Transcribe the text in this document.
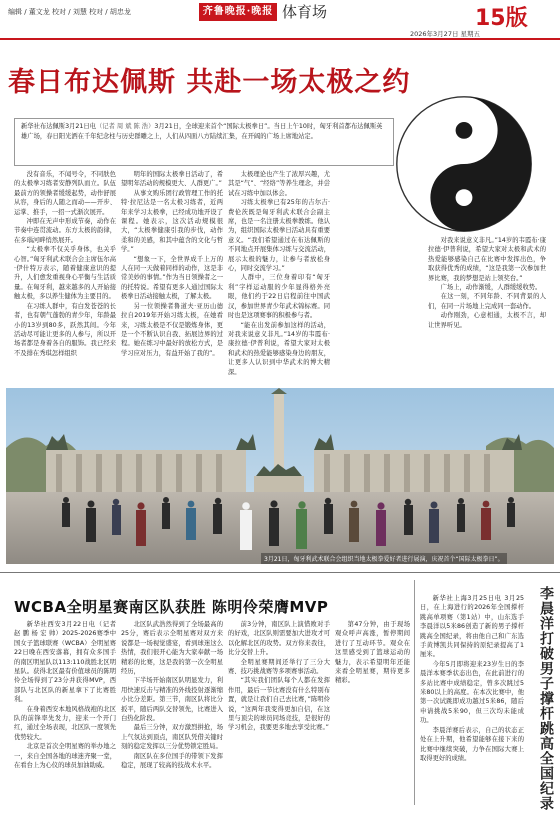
编辑 / 董文龙 校对 / 刘慧 校对 / 胡忠龙	齐鲁晚报·晚报版
体育场	15版
2026年3月27日 星期五
春日布达佩斯 共赴一场太极之约
新华社布达佩斯3月21日电（记者 周 斌 陈 浩）3月21日，全球迎来首个“国际太极拳日”。当日上午10时，匈牙利首都布达佩斯英雄广场，春日阳光洒在千年纪念柱与历史群雕之上，人们从四面八方陆续汇集，在开阔的广场上席地站定。

没有音乐，不闻号令，不同肤色的太极拳习练者安静列队而立。队伍最前方的领操者缓缓起势，动作舒展从容，身后的人随之而动——开步、运掌、推手，一招一式渐次展开。

冲即在无声中形成节奏，动作在节奏中连贯流动。东方太极的韵律，在多瑙河畔悄然展开。

“太极拳不仅关乎身体，也关乎心智。”匈牙利武术联合会主席伍尔高·伊什特万表示，随着健康意识的提升，人们愈发重视身心平衡与生活质量。在匈牙利，越来越多的人开始接触太极，多以养生健体为主要目的。

在习练人群中，有白发苍苍的长者，也有朝气蓬勃的青少年，年龄最小的13岁到80多，跃然其间。今年活动尽可能让更多的人参与，所以开场者都是身着各自的服饰。我已经来不及排在秀琪怎样组织

明年的国际太极拳日活动了，希望明年活动的规模更大、人群更广。”

从事文购乐团行政管理工作的托特·拉尼达是一名太极习练者，近两年来学习太极拳，已经成功地开设了课程。她表示，这次活动规模很大，“太极拳健康引我的步伐，动作柔和的美感，和其中蕴含的文化与哲学。”

“想象一下，全世界成千上万的人在同一天做着同样的动作，这是非常美妙的事情。”作为当日领操者之一的托特说。希望有更多人通过国际太极拳日活动接触太极，了解太极。

另一位领操者鲁道夫·亚历山德拉自2019年开始习练太极，在她看来，习练太极是不仅是锻炼身体，更是一个不断认识自我、拓展边界的过程。她在练习中最好的放松方式，是学习应对压力，有益开始了我的”。

太极理论也产生了浓厚兴趣，尤其是“气”、“经络”等养生理念，并尝试在习练中加以体会。

习练太极拳已有25年的吉尔吉·费伦茨既是匈牙利武术联合会副主席，也是一名注册太极拳教练。他认为，组织国际太极拳日活动具有重要意义。“我们希望通过在布达佩斯的不同地点开展集体习练与交流活动，展示太极的魅力，让参与者放松身心，同时交流学习。”

人群中，三位身着印有“匈牙利”字样运动服的少年显得格外亮眼，他们约于22日启程前往中国武汉，参加世界青少年武术锦标赛。同时也是这项赛事的积极参与者。

“能在出发前参加这样的活动，对我来说意义非凡。”14岁的韦霞布·康拉德·伊普利说，希望大家对太极和武术的热爱能够感染身边的朋友，让更多人认识到中华武术的博大精深。

对我来说意义非凡。”14岁的韦霞布·康拉德·伊普利说，希望大家对太极和武术的热爱能够感染自己在比赛中发挥出色，争取获得优秀的成绩，“这是我第一次参加世界比赛，我的梦想是站上领奖台。”

广场上，动作渐缓，人群缓缓收势。

在这一刻，不同年龄、不同背景的人们，在同一片场地上完成同一套动作。

动作刚劲，心意相通，太极不言，却让世界听见。

3月21日，匈牙利武术联合会组织当地太极拳爱好者进行展演，庆祝首个“国际太极拳日”。
WCBA全明星赛南区队获胜 陈明伶荣膺MVP

新华社西安3月22日电（记者 赵 鹏 杨 宏 帅）2025-2026赛季中国女子篮球联赛（WCBA）全明星赛22日晚在西安落幕，拥有众多国手的南区明星队以113:110战胜北区明星队。获得北区最有价值球员的陈明伶全场得到了23分并获得MVP，西部队与北区队的新星拿下了比赛胜利。

在身着西安本地风格战袍的北区队的前锋率先发力，迎来一个开门红，通过全场表现，北区队一度领先优势较大。

北京是首次全明星赛的举办地之一，来自全国各地的球迷齐聚一堂，在看台上为心仪的球员加油助威。

北区队武浩然得到了全场最高的25分，赛后表示全明星赛对双方来说都是一场视觉盛宴，看到球迷这么热情，我们很开心能为大家奉献一场精彩的比赛，这是我的第一次全明星经历，

下半场开始南区队明显发力，利用快速反击与精准的外线投射逐渐缩小比分差距。第三节，南区队将比分扳平，随后两队交替领先，比赛进入白热化阶段。

最后三分钟，双方激烈拼抢，场上气氛达到顶点，南区队凭借关键时刻的稳定发挥以三分优势锁定胜局。

南区队在多位国手的带领下发挥稳定，展现了较高的技战术水平。

前3分钟，南区队上演惜败对手的好戏，北区队则需要加大进攻才可以化解北区的攻势。双方你来我往，比分交替上升。

全明星赛期间还举行了三分大赛、技巧挑战赛等多项赛事活动。

“其实我们团队每个人都在发挥作用，最后一节比赛没有什么特别布置，就是让我们自己去比赛，”陈明伶说，“这两年我变得更加自信，在这里与顶尖的球员同场竞技，是很好的学习机会，我要更多地去享受比赛。”

第47分钟，由于现场观众呼声高涨，暂停期间进行了互动环节。观众在这里感受到了篮球运动的魅力，表示希望明年还能来看全明星赛，期待更多精彩。

新华社上海3月25日电 3月25日，在上海进行的2026年全国撑杆跳高单项赛（第1站）中，山东选手李晨洋以5米86创造了新的男子撑杆跳高全国纪录，将由他自己和广东选手黄博凯共同保持的原纪录提高了1厘米。

今年5月即将迎来23岁生日的李晨洋本赛季状态出色，在此前进行的多站比赛中成绩稳定，曾多次跳过5米80以上的高度。在本次比赛中，他第一次试跳即成功越过5米86，随后申请挑战5米90，但三次均未能成功。

李晨洋赛后表示，自己的状态正处在上升期，他希望能够在接下来的比赛中继续突破，力争在国际大赛上取得更好的成绩。	李晨洋打破男子撑杆跳高全国纪录
